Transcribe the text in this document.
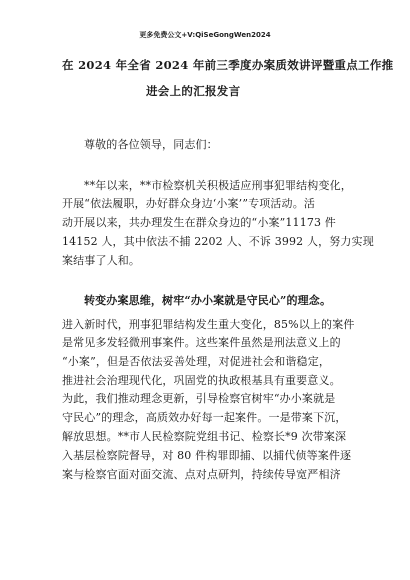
更多免费公文+V:QiSeGongWen2024
在 2024 年全省 2024 年前三季度办案质效讲评暨重点工作推
进会上的汇报发言
尊敬的各位领导，同志们：
**年以来，**市检察机关积极适应刑事犯罪结构变化，
开展“依法履职，办好群众身边‘小案’”专项活动。活
动开展以来，共办理发生在群众身边的“小案”11173 件
14152 人，其中依法不捕 2202 人、不诉 3992 人，努力实现
案结事了人和。
转变办案思维，树牢“办小案就是守民心”的理念。
进入新时代，刑事犯罪结构发生重大变化，85%以上的案件
是常见多发轻微刑事案件。这些案件虽然是刑法意义上的
“小案”，但是否依法妥善处理，对促进社会和谐稳定，
推进社会治理现代化，巩固党的执政根基具有重要意义。
为此，我们推动理念更新，引导检察官树牢“办小案就是
守民心”的理念，高质效办好每一起案件。一是带案下沉，
解放思想。**市人民检察院党组书记、检察长*9 次带案深
入基层检察院督导，对 80 件构罪即捕、以捕代侦等案件逐
案与检察官面对面交流、点对点研判，持续传导宽严相济
